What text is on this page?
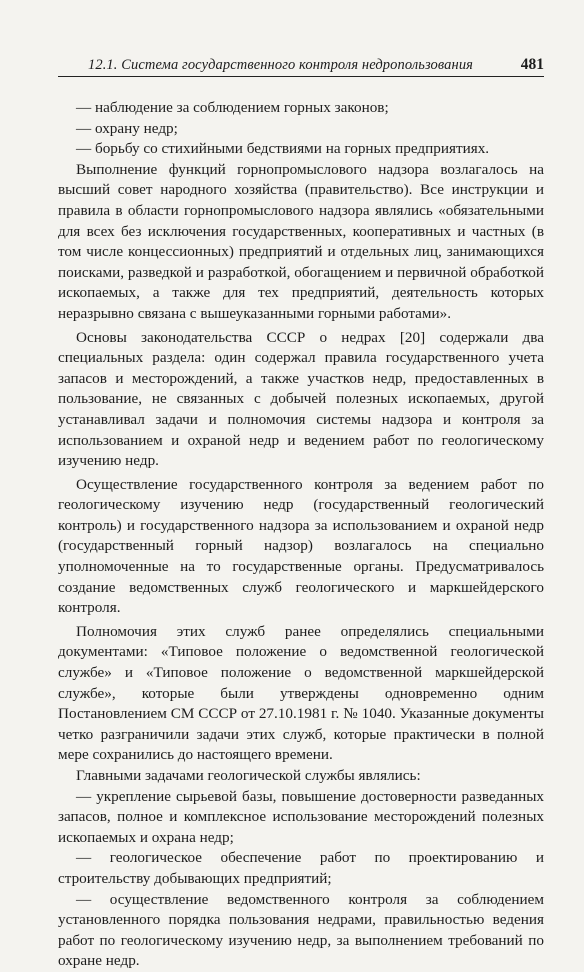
12.1. Система государственного контроля недропользования	481

— наблюдение за соблюдением горных законов;

— охрану недр;

— борьбу со стихийными бедствиями на горных предприятиях.

Выполнение функций горнопромыслового надзора возлагалось на высший совет народного хозяйства (правительство). Все инструкции и правила в области горнопромыслового надзора являлись «обязательными для всех без исключения государственных, кооперативных и частных (в том числе концессионных) предприятий и отдельных лиц, занимающихся поисками, разведкой и разработкой, обогащением и первичной обработкой ископаемых, а также для тех предприятий, деятельность которых неразрывно связана с вышеуказанными горными работами».

Основы законодательства СССР о недрах [20] содержали два специальных раздела: один содержал правила государственного учета запасов и месторождений, а также участков недр, предоставленных в пользование, не связанных с добычей полезных ископаемых, другой устанавливал задачи и полномочия системы надзора и контроля за использованием и охраной недр и ведением работ по геологическому изучению недр.

Осуществление государственного контроля за ведением работ по геологическому изучению недр (государственный геологический контроль) и государственного надзора за использованием и охраной недр (государственный горный надзор) возлагалось на специально уполномоченные на то государственные органы. Предусматривалось создание ведомственных служб геологического и маркшейдерского контроля.

Полномочия этих служб ранее определялись специальными документами: «Типовое положение о ведомственной геологической службе» и «Типовое положение о ведомственной маркшейдерской службе», которые были утверждены одновременно одним Постановлением СМ СССР от 27.10.1981 г. № 1040. Указанные документы четко разграничили задачи этих служб, которые практически в полной мере сохранились до настоящего времени.

Главными задачами геологической службы являлись:

— укрепление сырьевой базы, повышение достоверности разведанных запасов, полное и комплексное использование месторождений полезных ископаемых и охрана недр;

— геологическое обеспечение работ по проектированию и строительству добывающих предприятий;

— осуществление ведомственного контроля за соблюдением установленного порядка пользования недрами, правильностью ведения работ по геологическому изучению недр, за выполнением требований по охране недр.
